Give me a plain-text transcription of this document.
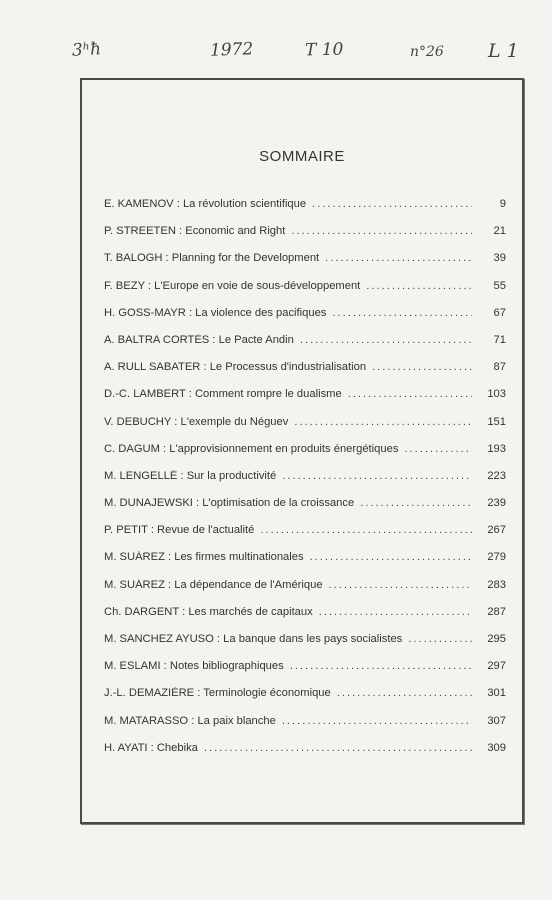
3ʰħ	1972	T 10	n°26 L 1
SOMMAIRE
E. KAMENOV : La révolution scientifique .....	9
P. STREETEN : Economic and Right .....	21
T. BALOGH : Planning for the Development .....	39
F. BEZY : L'Europe en voie de sous-développement .....	55
H. GOSS-MAYR : La violence des pacifiques .....	67
A. BALTRA CORTÈS : Le Pacte Andin .....	71
A. RULL SABATER : Le Processus d'industrialisation .....	87
D.-C. LAMBERT : Comment rompre le dualisme .....	103
V. DEBUCHY : L'exemple du Néguev .....	151
C. DAGUM : L'approvisionnement en produits énergétiques .....	193
M. LENGELLÉ : Sur la productivité .....	223
M. DUNAJEWSKI : L'optimisation de la croissance .....	239
P. PETIT : Revue de l'actualité .....	267
M. SUÁREZ : Les firmes multinationales .....	279
M. SUÁREZ : La dépendance de l'Amérique .....	283
Ch. DARGENT : Les marchés de capitaux .....	287
M. SANCHEZ AYUSO : La banque dans les pays socialistes .....	295
M. ESLAMI : Notes bibliographiques .....	297
J.-L. DEMAZIÈRE : Terminologie économique .....	301
M. MATARASSO : La paix blanche .....	307
H. AYATI : Chebika .....	309
